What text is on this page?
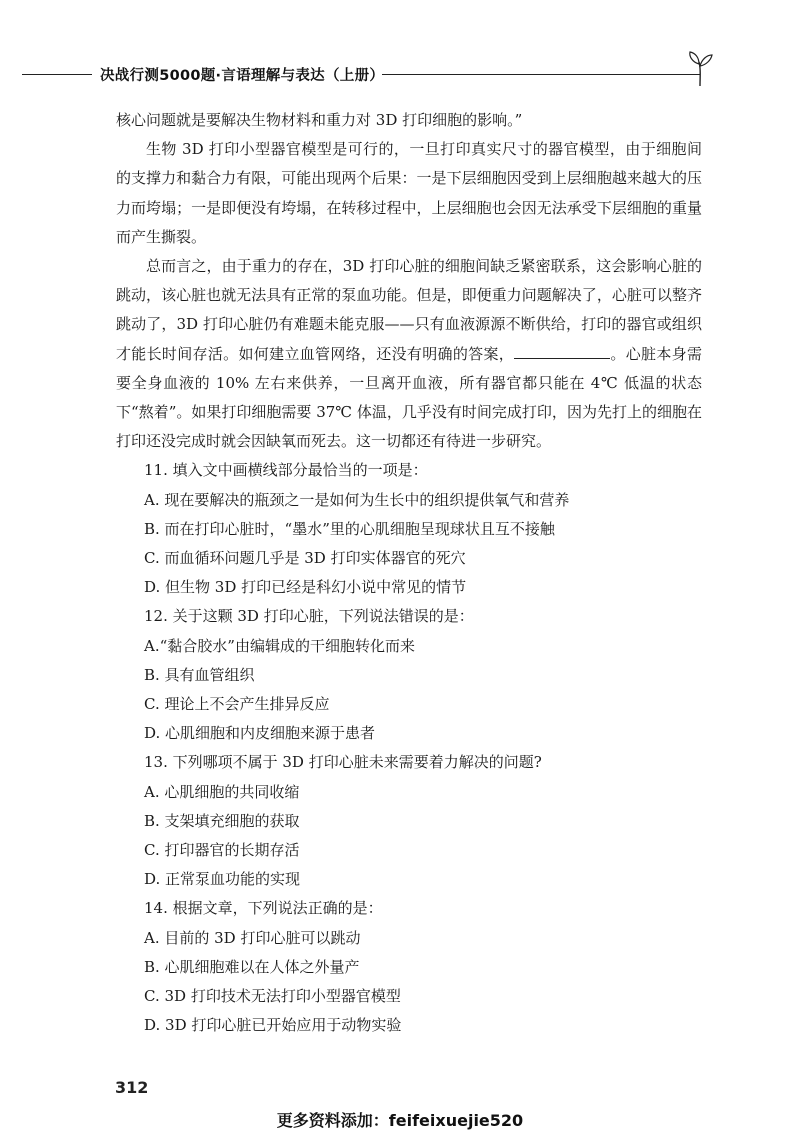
决战行测5000题·言语理解与表达（上册）

核心问题就是要解决生物材料和重力对 3D 打印细胞的影响。”

生物 3D 打印小型器官模型是可行的，一旦打印真实尺寸的器官模型，由于细胞间的支撑力和黏合力有限，可能出现两个后果：一是下层细胞因受到上层细胞越来越大的压力而垮塌；一是即便没有垮塌，在转移过程中，上层细胞也会因无法承受下层细胞的重量而产生撕裂。

总而言之，由于重力的存在，3D 打印心脏的细胞间缺乏紧密联系，这会影响心脏的跳动，该心脏也就无法具有正常的泵血功能。但是，即便重力问题解决了，心脏可以整齐跳动了，3D 打印心脏仍有难题未能克服——只有血液源源不断供给，打印的器官或组织才能长时间存活。如何建立血管网络，还没有明确的答案，	。心脏本身需要全身血液的 10% 左右来供养，一旦离开血液，所有器官都只能在 4℃ 低温的状态下“熬着”。如果打印细胞需要 37℃ 体温，几乎没有时间完成打印，因为先打上的细胞在打印还没完成时就会因缺氧而死去。这一切都还有待进一步研究。

11. 填入文中画横线部分最恰当的一项是：

A. 现在要解决的瓶颈之一是如何为生长中的组织提供氧气和营养

B. 而在打印心脏时，“墨水”里的心肌细胞呈现球状且互不接触

C. 而血循环问题几乎是 3D 打印实体器官的死穴

D. 但生物 3D 打印已经是科幻小说中常见的情节

12. 关于这颗 3D 打印心脏，下列说法错误的是：

A.“黏合胶水”由编辑成的干细胞转化而来

B. 具有血管组织

C. 理论上不会产生排异反应

D. 心肌细胞和内皮细胞来源于患者

13. 下列哪项不属于 3D 打印心脏未来需要着力解决的问题?

A. 心肌细胞的共同收缩

B. 支架填充细胞的获取

C. 打印器官的长期存活

D. 正常泵血功能的实现

14. 根据文章，下列说法正确的是：

A. 目前的 3D 打印心脏可以跳动

B. 心肌细胞难以在人体之外量产

C. 3D 打印技术无法打印小型器官模型

D. 3D 打印心脏已开始应用于动物实验

312
更多资料添加：feifeixuejie520
